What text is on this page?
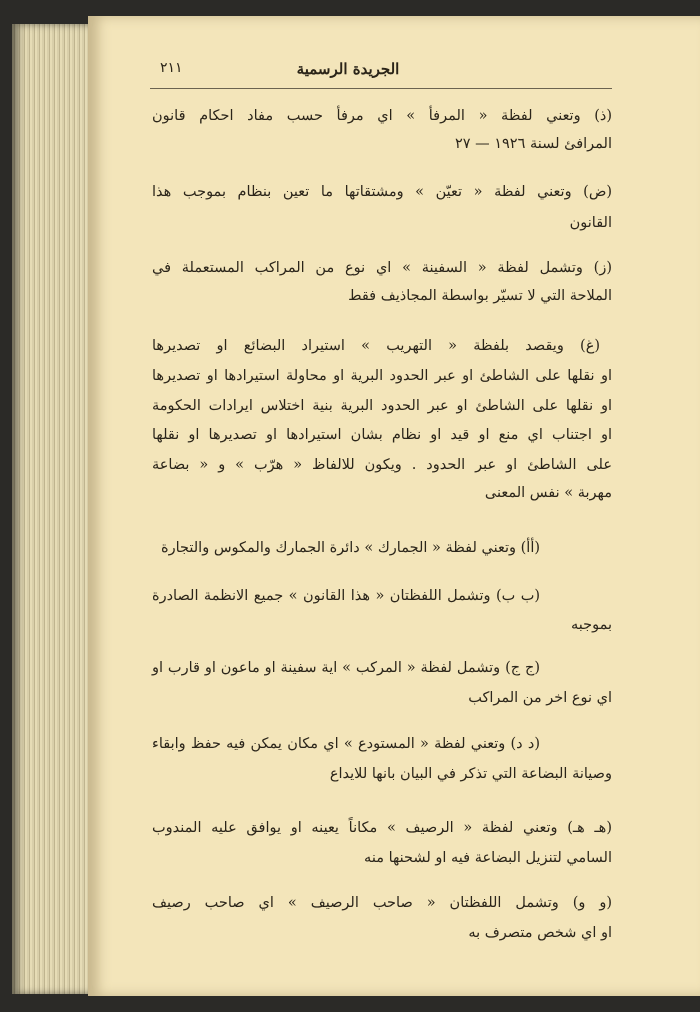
الجريدة الرسمية
٢١١
(ذ) وتعني لفظة « المرفأ » اي مرفأ حسب مفاد احكام قانون
المرافئ لسنة ١٩٢٦ — ٢٧
(ض) وتعني لفظة « تعيّن » ومشتقاتها ما تعين بنظام بموجب هذا
القانون
(ز) وتشمل لفظة « السفينة » اي نوع من المراكب المستعملة في
الملاحة التي لا تسيّر بواسطة المجاذيف فقط
(غ) ويقصد بلفظة « التهريب » استيراد البضائع او تصديرها
او نقلها على الشاطئ او عبر الحدود البرية او محاولة استيرادها او تصديرها
او نقلها على الشاطئ او عبر الحدود البرية بنية اختلاس ايرادات الحكومة
او اجتناب اي منع او قيد او نظام بشان استيرادها او تصديرها او نقلها
على الشاطئ او عبر الحدود . ويكون للالفاظ « هرّب » و « بضاعة
مهربة » نفس المعنى
(أأ) وتعني لفظة « الجمارك » دائرة الجمارك والمكوس والتجارة
(ب ب) وتشمل اللفظتان « هذا القانون » جميع الانظمة الصادرة
بموجبه
(ج ج) وتشمل لفظة « المركب » اية سفينة او ماعون او قارب او
اي نوع اخر من المراكب
(د د) وتعني لفظة « المستودع » اي مكان يمكن فيه حفظ وابقاء
وصيانة البضاعة التي تذكر في البيان بانها للايداع
(هـ هـ) وتعني لفظة « الرصيف » مكاناً يعينه او يوافق عليه المندوب
السامي لتنزيل البضاعة فيه او لشحنها منه
(و و) وتشمل اللفظتان « صاحب الرصيف » اي صاحب رصيف
او اي شخص متصرف به
